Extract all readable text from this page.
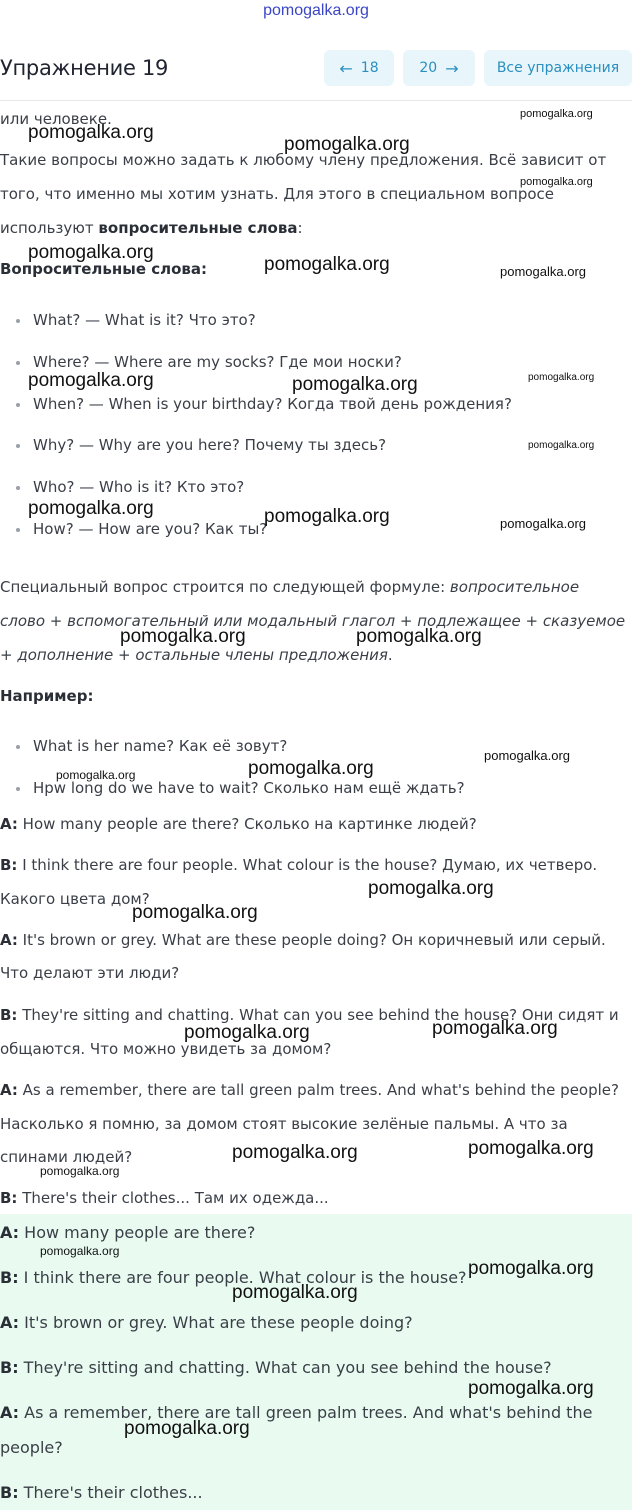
pomogalka.org
Упражнение 19	← 18	20 →	Все упражнения
или человеке.
Такие вопросы можно задать к любому члену предложения. Всё зависит от
того, что именно мы хотим узнать. Для этого в специальном вопросе
используют вопросительные слова:
Вопросительные слова:
What? — What is it? Что это?
Where? — Where are my socks? Где мои носки?
When? — When is your birthday? Когда твой день рождения?
Why? — Why are you here? Почему ты здесь?
Who? — Who is it? Кто это?
How? — How are you? Как ты?
Специальный вопрос строится по следующей формуле: вопросительное
слово + вспомогательный или модальный глагол + подлежащее + сказуемое
+ дополнение + остальные члены предложения.
Например:
What is her name? Как её зовут?
Hpw long do we have to wait? Сколько нам ещё ждать?
A: How many people are there? Сколько на картинке людей?
B: I think there are four people. What colour is the house? Думаю, их четверо.
Какого цвета дом?
A: It's brown or grey. What are these people doing? Он коричневый или серый.
Что делают эти люди?
B: They're sitting and chatting. What can you see behind the house? Они сидят и
общаются. Что можно увидеть за домом?
A: As a remember, there are tall green palm trees. And what's behind the people?
Насколько я помню, за домом стоят высокие зелёные пальмы. А что за
спинами людей?
B: There's their clothes... Там их одежда...
A: How many people are there?
B: I think there are four people. What colour is the house?
A: It's brown or grey. What are these people doing?
B: They're sitting and chatting. What can you see behind the house?
A: As a remember, there are tall green palm trees. And what's behind the
people?
B: There's their clothes...
pomogalka.org
pomogalka.org
pomogalka.org
pomogalka.org
pomogalka.org
pomogalka.org	pomogalka.org
pomogalka.org	pomogalka.org	pomogalka.org
pomogalka.org
pomogalka.org	pomogalka.org	pomogalka.org
pomogalka.org	pomogalka.org
pomogalka.org
pomogalka.org
pomogalka.org
pomogalka.org
pomogalka.org
pomogalka.org
pomogalka.org
pomogalka.org
pomogalka.org
pomogalka.org
pomogalka.org
pomogalka.org
pomogalka.org
pomogalka.org
pomogalka.org
